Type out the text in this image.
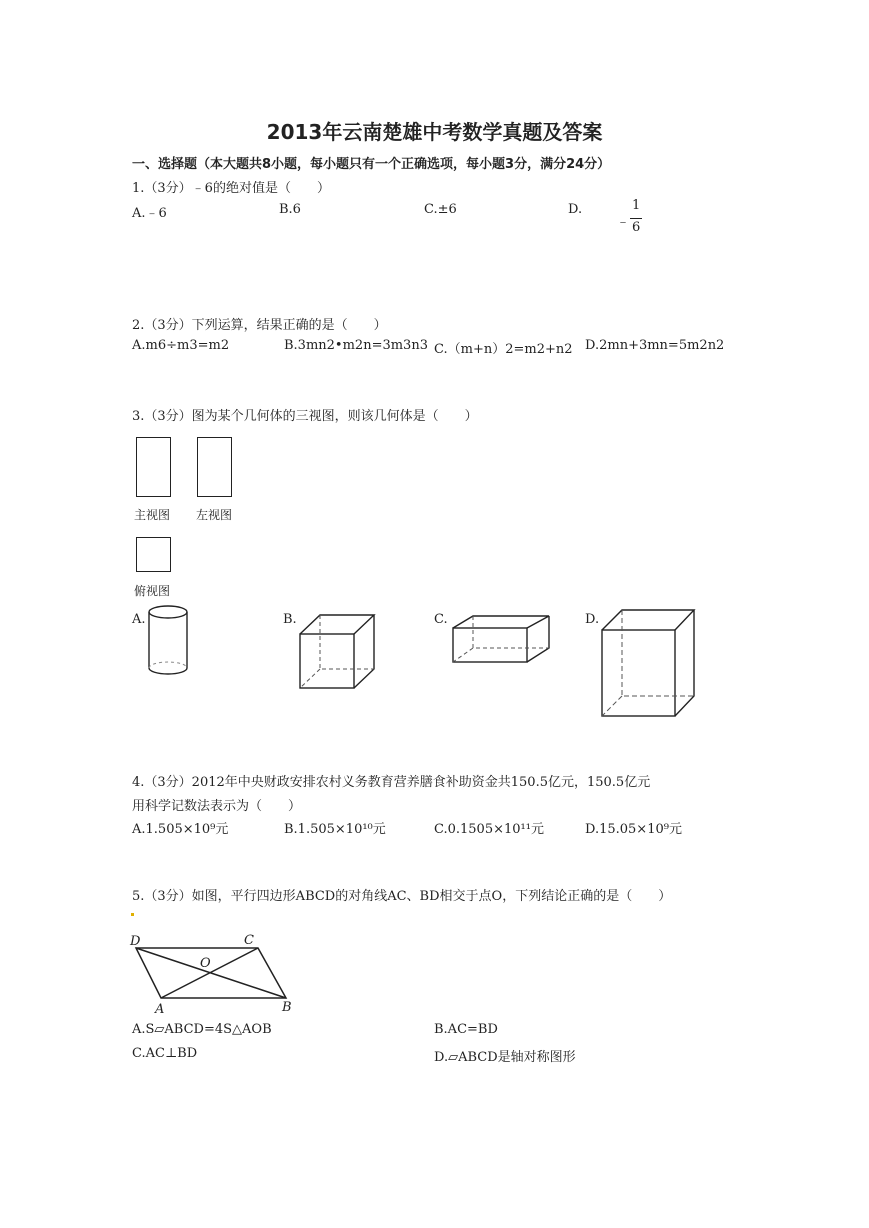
2013年云南楚雄中考数学真题及答案
一、选择题（本大题共8小题，每小题只有一个正确选项，每小题3分，满分24分）
1.（3分）﹣6的绝对值是（　　）
A.﹣6	B.6	C.±6	D.
﹣
1
6
2.（3分）下列运算，结果正确的是（　　）
A.m6÷m3=m2	B.3mn2•m2n=3m3n3 C.（m+n）2=m2+n2 D.2mn+3mn=5m2n2
3.（3分）图为某个几何体的三视图，则该几何体是（　　）
主视图 左视图
俯视图
A.	B.	C.	D.
4.（3分）2012年中央财政安排农村义务教育营养膳食补助资金共150.5亿元，150.5亿元
用科学记数法表示为（　　）
A.1.505×10⁹元	B.1.505×10¹⁰元	C.0.1505×10¹¹元	D.15.05×10⁹元
5.（3分）如图，平行四边形ABCD的对角线AC、BD相交于点O，下列结论正确的是（　　）
D	C
O
A	B
A.S▱ABCD=4S△AOB	B.AC=BD
C.AC⊥BD	D.▱ABCD是轴对称图形
